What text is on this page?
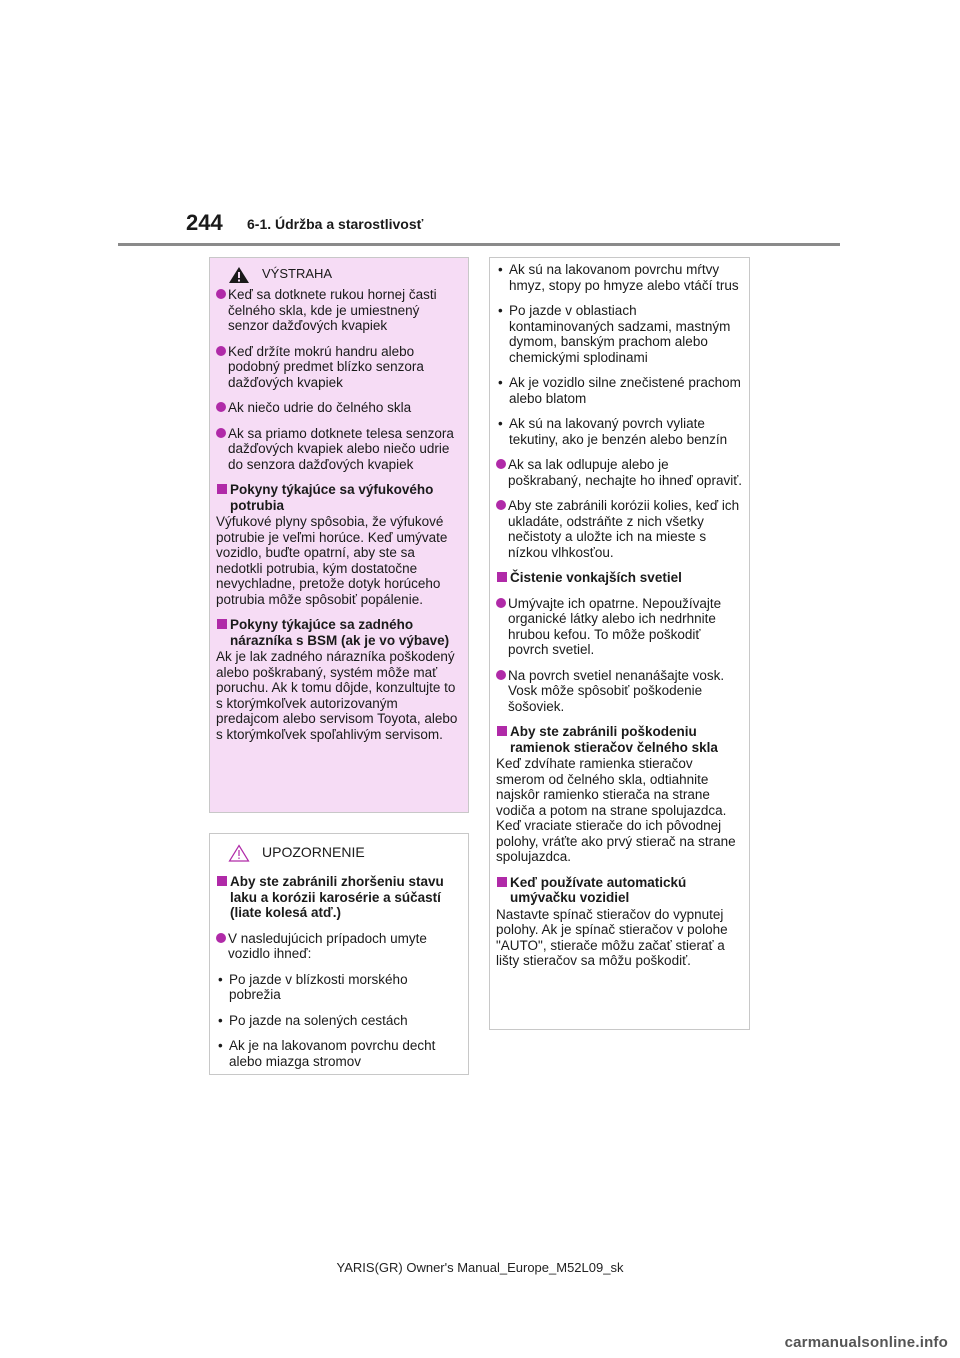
244 6-1. Údržba a starostlivosť
VÝSTRAHA
Keď sa dotknete rukou hornej časti čelného skla, kde je umiestnený senzor dažďových kvapiek
Keď držíte mokrú handru alebo podobný predmet blízko senzora dažďových kvapiek
Ak niečo udrie do čelného skla
Ak sa priamo dotknete telesa senzora dažďových kvapiek alebo niečo udrie do senzora dažďových kvapiek
Pokyny týkajúce sa výfukového potrubia
Výfukové plyny spôsobia, že výfukové potrubie je veľmi horúce. Keď umývate vozidlo, buďte opatrní, aby ste sa nedotkli potrubia, kým dostatočne nevychladne, pretože dotyk horúceho potrubia môže spôsobiť popálenie.
Pokyny týkajúce sa zadného nárazníka s BSM (ak je vo výbave)
Ak je lak zadného nárazníka poškodený alebo poškrabaný, systém môže mať poruchu. Ak k tomu dôjde, konzultujte to s ktorýmkoľvek autorizovaným predajcom alebo servisom Toyota, alebo s ktorýmkoľvek spoľahlivým servisom.
UPOZORNENIE
Aby ste zabránili zhoršeniu stavu laku a korózii karosérie a súčastí (liate kolesá atď.)
V nasledujúcich prípadoch umyte vozidlo ihneď:
• Po jazde v blízkosti morského pobrežia
• Po jazde na solených cestách
• Ak je na lakovanom povrchu decht alebo miazga stromov
• Ak sú na lakovanom povrchu mŕtvy hmyz, stopy po hmyze alebo vtáčí trus
• Po jazde v oblastiach kontaminovaných sadzami, mastným dymom, banským prachom alebo chemickými splodinami
• Ak je vozidlo silne znečistené prachom alebo blatom
• Ak sú na lakovaný povrch vyliate tekutiny, ako je benzén alebo benzín
Ak sa lak odlupuje alebo je poškrabaný, nechajte ho ihneď opraviť.
Aby ste zabránili korózii kolies, keď ich ukladáte, odstráňte z nich všetky nečistoty a uložte ich na mieste s nízkou vlhkosťou.
Čistenie vonkajších svetiel
Umývajte ich opatrne. Nepoužívajte organické látky alebo ich nedrhnite hrubou kefou. To môže poškodiť povrch svetiel.
Na povrch svetiel nenanášajte vosk. Vosk môže spôsobiť poškodenie šošoviek.
Aby ste zabránili poškodeniu ramienok stieračov čelného skla
Keď zdvíhate ramienka stieračov smerom od čelného skla, odtiahnite najskôr ramienko stierača na strane vodiča a potom na strane spolujazdca. Keď vraciate stierače do ich pôvodnej polohy, vráťte ako prvý stierač na strane spolujazdca.
Keď používate automatickú umývačku vozidiel
Nastavte spínač stieračov do vypnutej polohy. Ak je spínač stieračov v polohe "AUTO", stierače môžu začať stierať a lišty stieračov sa môžu poškodiť.
YARIS(GR) Owner's Manual_Europe_M52L09_sk
carmanualsonline.info
